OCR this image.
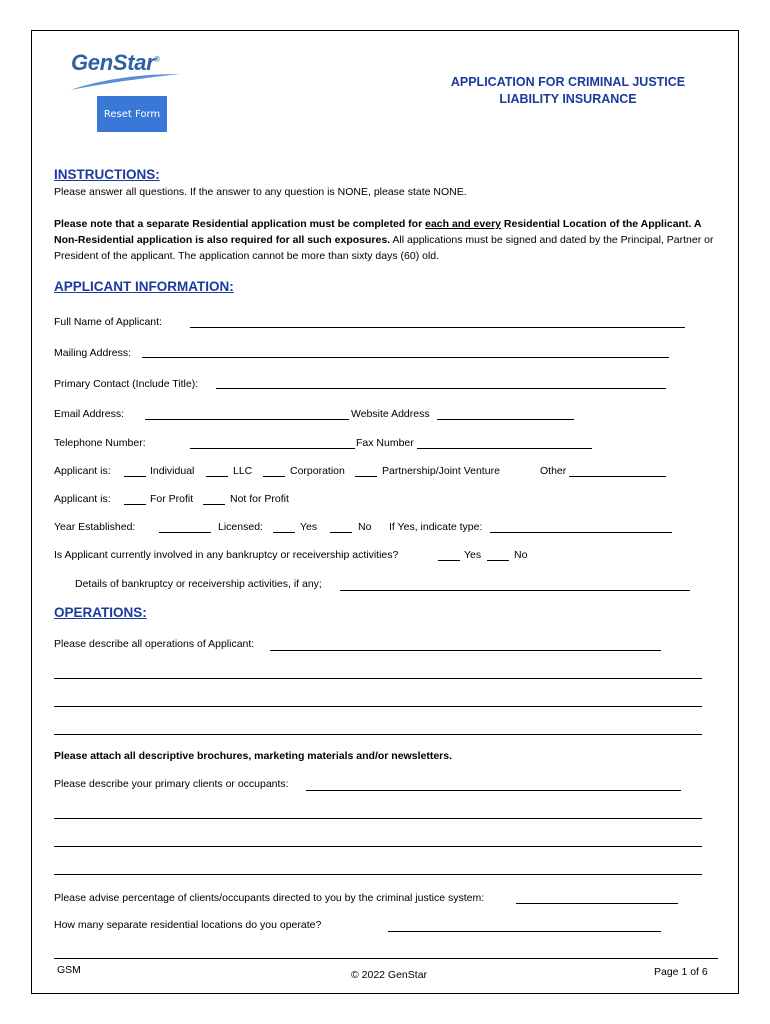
GenStar®
Reset Form
APPLICATION FOR CRIMINAL JUSTICE
LIABILITY INSURANCE
INSTRUCTIONS:
Please answer all questions. If the answer to any question is NONE, please state NONE.
Please note that a separate Residential application must be completed for each and every Residential Location of the Applicant. A Non-Residential application is also required for all such exposures. All applications must be signed and dated by the Principal, Partner or President of the applicant. The application cannot be more than sixty days (60) old.
APPLICANT INFORMATION:
Full Name of Applicant:
Mailing Address:
Primary Contact (Include Title):
Email Address:	Website Address
Telephone Number:	Fax Number
Applicant is:	Individual	LLC	Corporation	Partnership/Joint Venture	Other
Applicant is:	For Profit	Not for Profit
Year Established:	Licensed:	Yes	No If Yes, indicate type:
Is Applicant currently involved in any bankruptcy or receivership activities?	Yes	No
Details of bankruptcy or receivership activities, if any;
OPERATIONS:
Please describe all operations of Applicant:
Please attach all descriptive brochures, marketing materials and/or newsletters.
Please describe your primary clients or occupants:
Please advise percentage of clients/occupants directed to you by the criminal justice system:
How many separate residential locations do you operate?
GSM	© 2022 GenStar	Page 1 of 6
